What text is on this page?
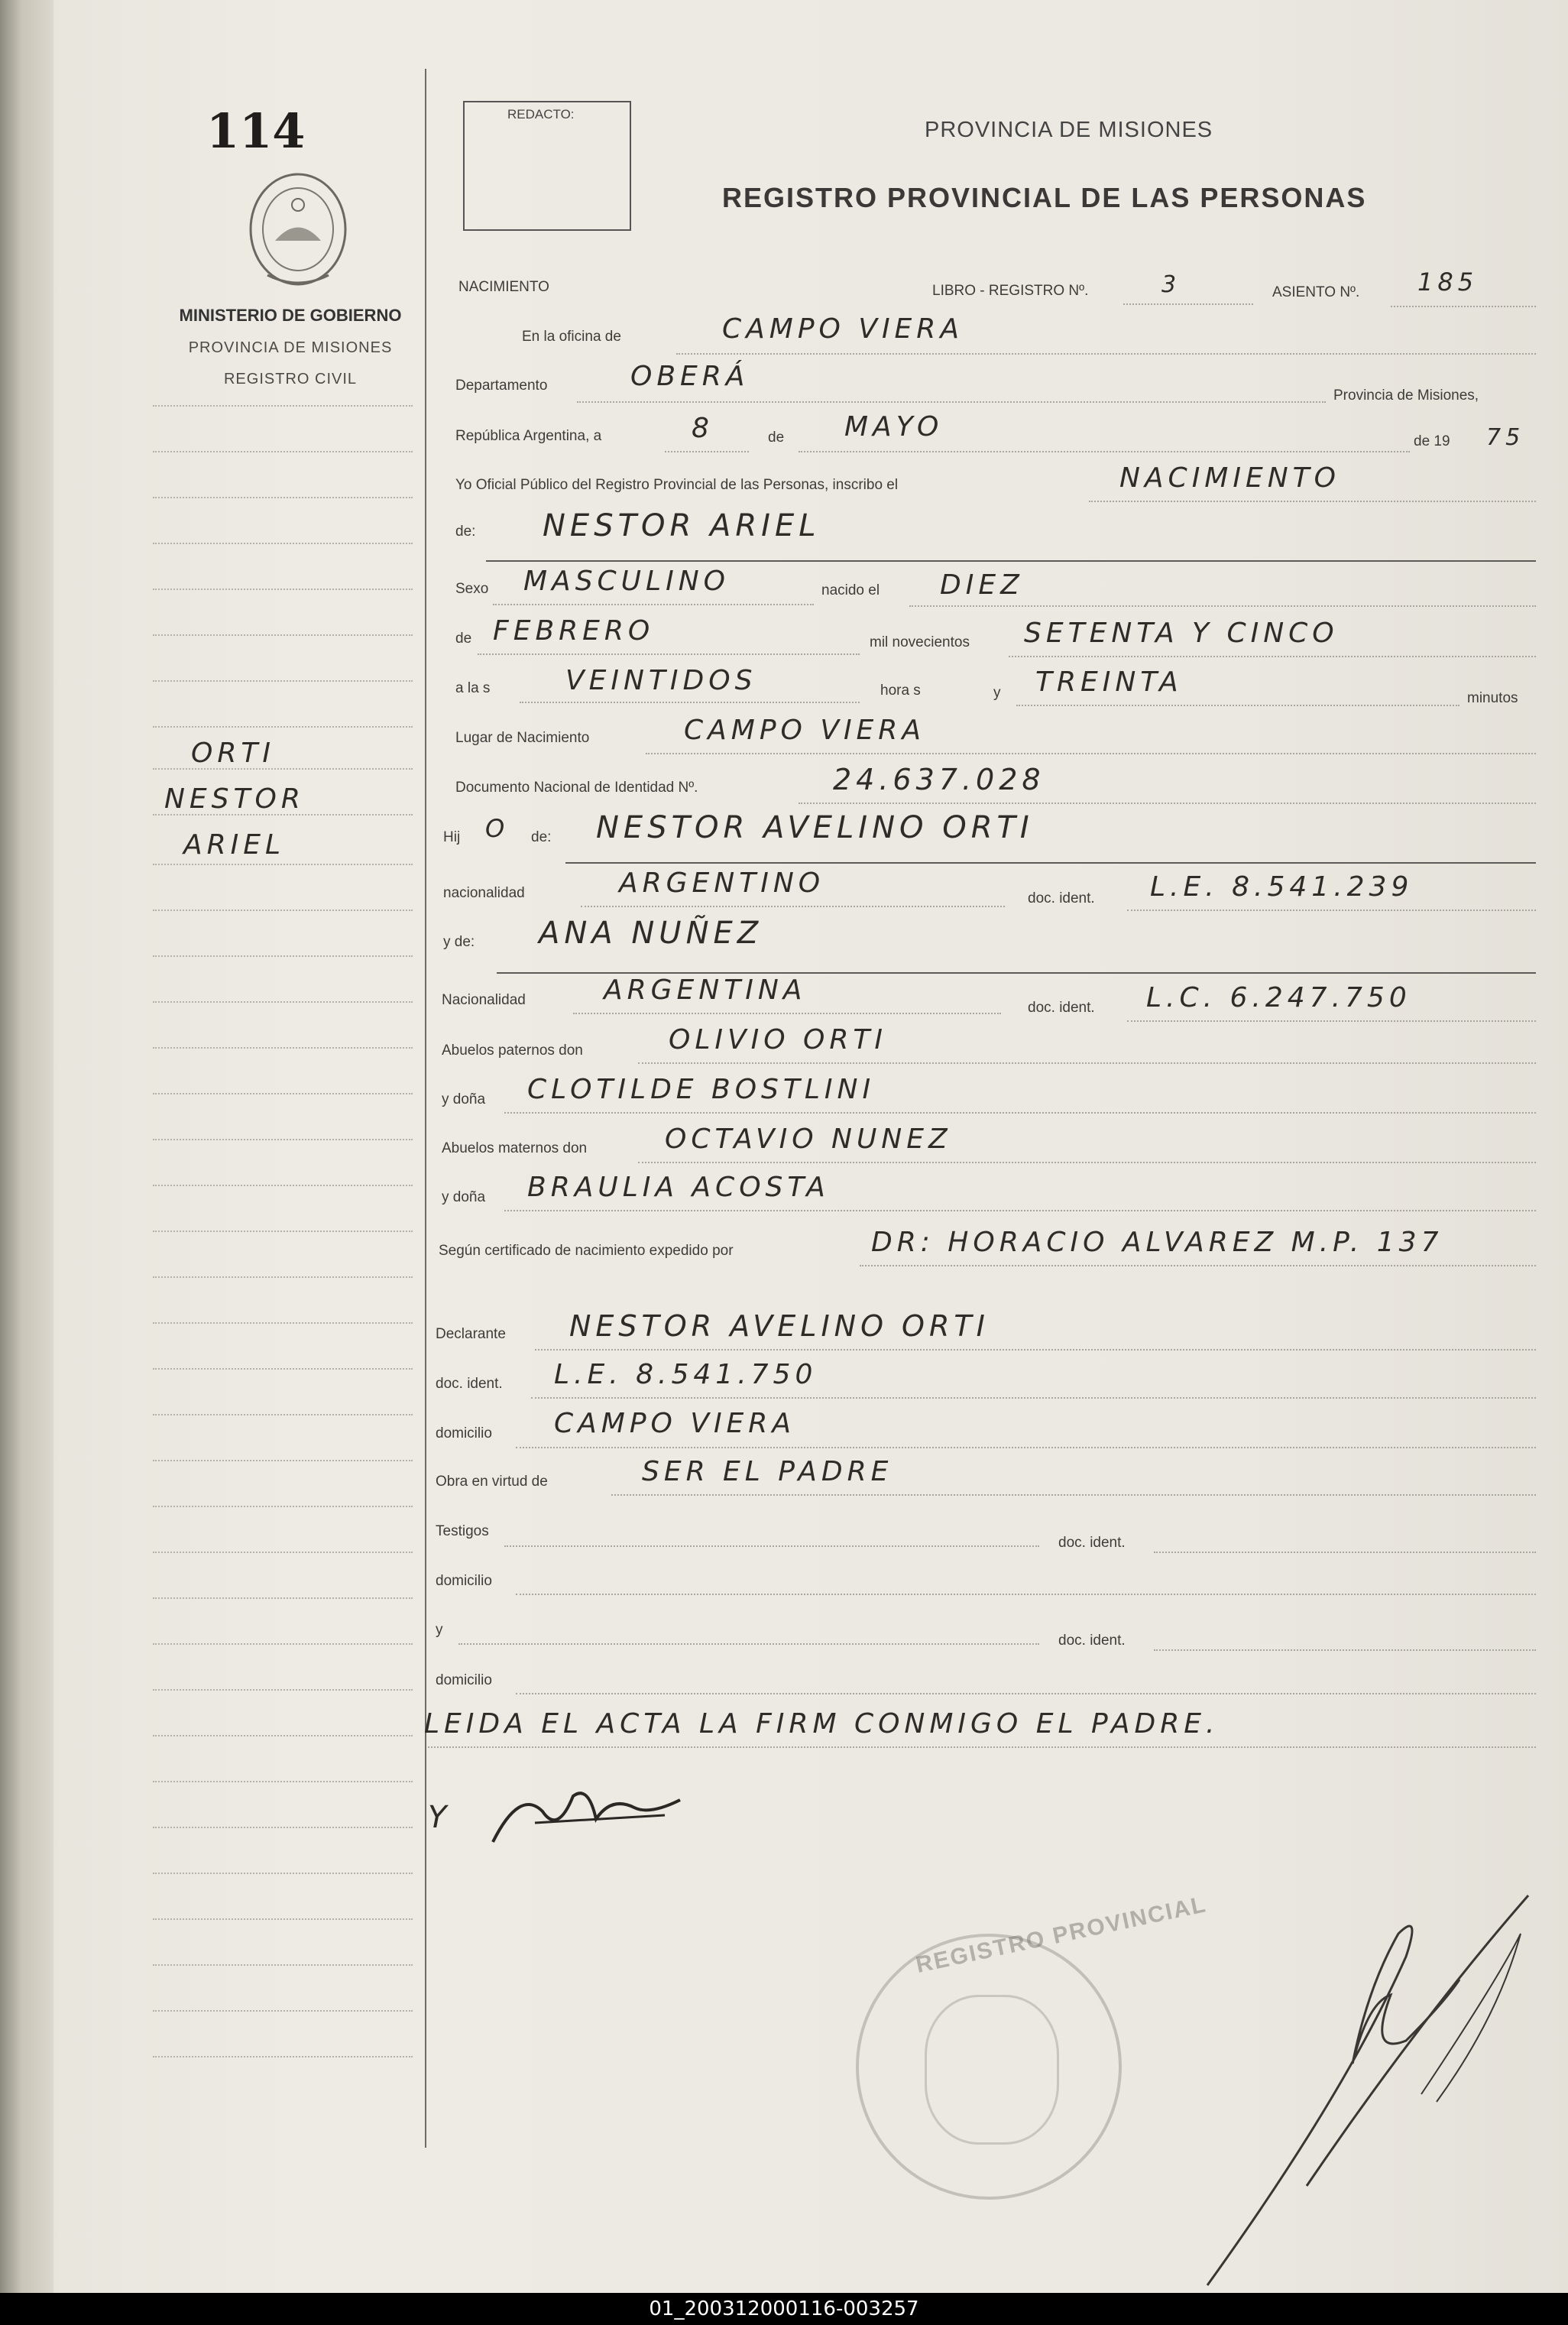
114
MINISTERIO DE GOBIERNO
PROVINCIA DE MISIONES
REGISTRO CIVIL
ORTI
NESTOR
ARIEL
REDACTO:
PROVINCIA DE MISIONES
REGISTRO PROVINCIAL DE LAS PERSONAS
NACIMIENTO	LIBRO - REGISTRO Nº.	3	ASIENTO Nº. 185
En la oficina de	CAMPO VIERA
Departamento	OBERÁ
Provincia de Misiones,
República Argentina, a	8	de MAYO	de 19 75
Yo Oficial Público del Registro Provincial de las Personas, inscribo el	NACIMIENTO
de: NESTOR ARIEL
Sexo MASCULINO	nacido el DIEZ
de FEBRERO	mil novecientos SETENTA Y CINCO
a la s	VEINTIDOS	hora s	y TREINTA
minutos
Lugar de Nacimiento	CAMPO VIERA
Documento Nacional de Identidad Nº.	24.637.028
Hij O de: NESTOR AVELINO ORTI
nacionalidad	ARGENTINO	doc. ident. L.E. 8.541.239
y de: ANA NUÑEZ
Nacionalidad	ARGENTINA
doc. ident. L.C. 6.247.750
Abuelos paternos don	OLIVIO ORTI
y doña CLOTILDE BOSTLINI
Abuelos maternos don	OCTAVIO NUNEZ
y doña BRAULIA ACOSTA
Según certificado de nacimiento expedido por	DR: HORACIO ALVAREZ M.P. 137
Declarante NESTOR AVELINO ORTI
doc. ident. L.E. 8.541.750
domicilio CAMPO VIERA
Obra en virtud de	SER EL PADRE
Testigos
doc. ident.
domicilio
y
doc. ident.
domicilio
LEIDA EL ACTA LA FIRM CONMIGO EL PADRE.
Y
REGISTRO PROVINCIAL
01_200312000116-003257
